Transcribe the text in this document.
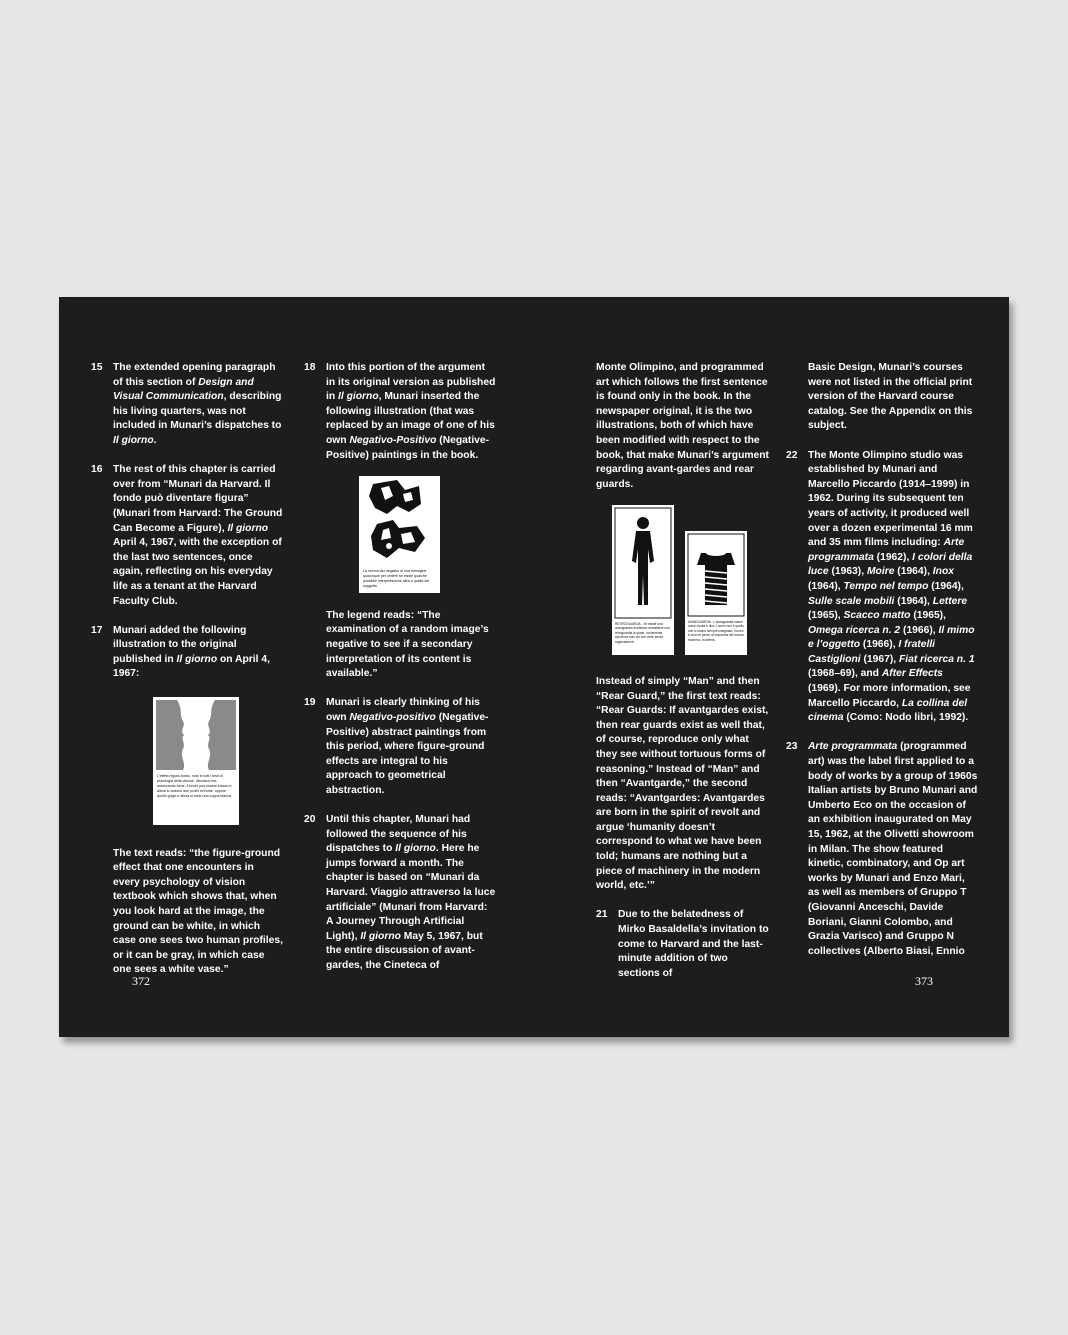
15 The extended opening paragraph of this section of Design and Visual Communication, describing his living quarters, was not included in Munari’s dispatches to Il giorno.

16 The rest of this chapter is carried over from “Munari da Harvard. Il fondo può diventare figura” (Munari from Harvard: The Ground Can Become a Figure), Il giorno April 4, 1967, with the exception of the last two sentences, once again, reflecting on his everyday life as a tenant at the Harvard Faculty Club.

17 Munari added the following illustration to the original published in Il giorno on April 4, 1967:

L’effetto figura-fondo, noto in tutti i testi di psicologia della visione, dimostra che, osservando bene, il fondo può essere bianco e allora si vedono due profili di fronte, oppure quello grigio e allora si vede una coppa bianca.
The text reads: “the figure-ground effect that one encounters in every psychology of vision textbook which shows that, when you look hard at the image, the ground can be white, in which case one sees two human profiles, or it can be gray, in which case one sees a white vase.”
18 Into this portion of the argument in its original version as published in Il giorno, Munari inserted the following illustration (that was replaced by an image of one of his own Negativo-Positivo (Negative-Positive) paintings in the book.

La ricerca del negativo di una immagine qualunque per vedere se esiste qualche possibile interpretazione altra a quella del soggetto.
The legend reads: “The examination of a random image’s negative to see if a secondary interpretation of its content is available.”
19 Munari is clearly thinking of his own Negativo-positivo (Negative-Positive) abstract paintings from this period, where figure-ground effects are integral to his approach to geometrical abstraction.

20 Until this chapter, Munari had followed the sequence of his dispatches to Il giorno. Here he jumps forward a month. The chapter is based on “Munari da Harvard. Viaggio attraverso la luce artificiale” (Munari from Harvard: A Journey Through Artificial Light), Il giorno May 5, 1967, but the entire discussion of avant-gardes, the Cineteca of

Monte Olimpino, and programmed art which follows the first sentence is found only in the book. In the newspaper original, it is the two illustrations, both of which have been modified with respect to the book, that make Munari’s argument regarding avant-gardes and rear guards.
RETROGUARDIA - Se esiste una avanguardia dobbiamo ammettere una retroguardia la quale, ovviamente, riproduce solo ciò che vede senza ragionamenti.
AVANGUARDIA - L’avanguardia nasce come rivolta e dice: l’uomo non è quello che ci hanno sempre insegnato, l’uomo è solo un pezzo di macchina del mondo moderno, eccetera.
Instead of simply “Man” and then “Rear Guard,” the first text reads: “Rear Guards: If avantgardes exist, then rear guards exist as well that, of course, reproduce only what they see without tortuous forms of reasoning.” Instead of “Man” and then “Avantgarde,” the second reads: “Avantgardes: Avantgardes are born in the spirit of revolt and argue ‘humanity doesn’t correspond to what we have been told; humans are nothing but a piece of machinery in the modern world, etc.’”
21 Due to the belatedness of Mirko Basaldella’s invitation to come to Harvard and the last-minute addition of two sections of

Basic Design, Munari’s courses were not listed in the official print version of the Harvard course catalog. See the Appendix on this subject.
22 The Monte Olimpino studio was established by Munari and Marcello Piccardo (1914–1999) in 1962. During its subsequent ten years of activity, it produced well over a dozen experimental 16 mm and 35 mm films including: Arte programmata (1962), I colori della luce (1963), Moire (1964), Inox (1964), Tempo nel tempo (1964), Sulle scale mobili (1964), Lettere (1965), Scacco matto (1965), Omega ricerca n. 2 (1966), Il mimo e l’oggetto (1966), I fratelli Castiglioni (1967), Fiat ricerca n. 1 (1968–69), and After Effects (1969). For more information, see Marcello Piccardo, La collina del cinema (Como: Nodo libri, 1992).

23 Arte programmata (programmed art) was the label first applied to a body of works by a group of 1960s Italian artists by Bruno Munari and Umberto Eco on the occasion of an exhibition inaugurated on May 15, 1962, at the Olivetti showroom in Milan. The show featured kinetic, combinatory, and Op art works by Munari and Enzo Mari, as well as members of Gruppo T (Giovanni Anceschi, Davide Boriani, Gianni Colombo, and Grazia Varisco) and Gruppo N collectives (Alberto Biasi, Ennio

372	373
